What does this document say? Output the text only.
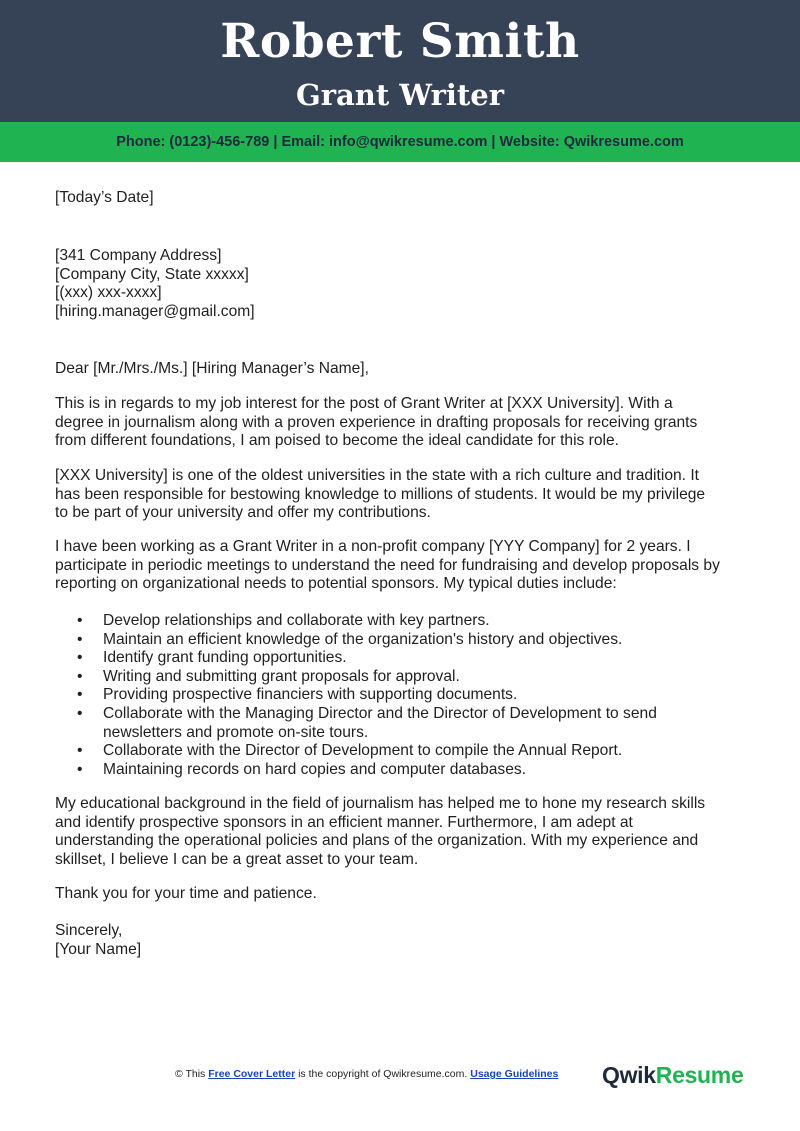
Robert Smith
Grant Writer
Phone: (0123)-456-789 | Email: info@qwikresume.com | Website: Qwikresume.com
[Today’s Date]
[341 Company Address]
[Company City, State xxxxx]
[(xxx) xxx-xxxx]
[hiring.manager@gmail.com]
Dear [Mr./Mrs./Ms.] [Hiring Manager’s Name],
This is in regards to my job interest for the post of Grant Writer at [XXX University]. With a
degree in journalism along with a proven experience in drafting proposals for receiving grants
from different foundations, I am poised to become the ideal candidate for this role.
[XXX University] is one of the oldest universities in the state with a rich culture and tradition. It
has been responsible for bestowing knowledge to millions of students. It would be my privilege
to be part of your university and offer my contributions.
I have been working as a Grant Writer in a non-profit company [YYY Company] for 2 years. I
participate in periodic meetings to understand the need for fundraising and develop proposals by
reporting on organizational needs to potential sponsors. My typical duties include:
• Develop relationships and collaborate with key partners.
• Maintain an efficient knowledge of the organization's history and objectives.
• Identify grant funding opportunities.
• Writing and submitting grant proposals for approval.
• Providing prospective financiers with supporting documents.
• Collaborate with the Managing Director and the Director of Development to send
newsletters and promote on-site tours.
• Collaborate with the Director of Development to compile the Annual Report.
• Maintaining records on hard copies and computer databases.
My educational background in the field of journalism has helped me to hone my research skills
and identify prospective sponsors in an efficient manner. Furthermore, I am adept at
understanding the operational policies and plans of the organization. With my experience and
skillset, I believe I can be a great asset to your team.
Thank you for your time and patience.
Sincerely,
[Your Name]
© This Free Cover Letter is the copyright of Qwikresume.com. Usage Guidelines QwikResume
